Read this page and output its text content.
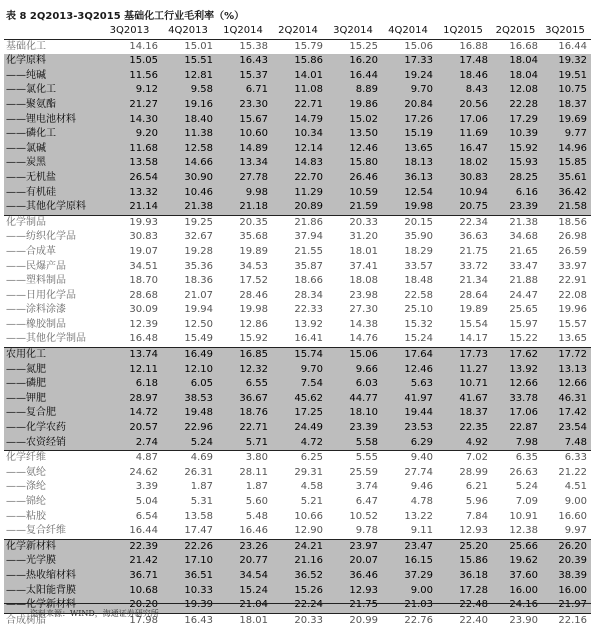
表 8 2Q2013-3Q2015 基础化工行业毛利率（%）
	3Q2013	4Q2013	1Q2014	2Q2014	3Q2014	4Q2014	1Q2015	2Q2015	3Q2015
基础化工	14.16	15.01	15.38	15.79	15.25	15.06	16.88	16.68	16.44
化学原料	15.05	15.51	16.43	15.86	16.20	17.33	17.48	18.04	19.32
——纯碱	11.56	12.81	15.37	14.01	16.44	19.24	18.46	18.04	19.51
——氯化工	9.12	9.58	6.71	11.08	8.89	9.70	8.43	12.08	10.75
——聚氨酯	21.27	19.16	23.30	22.71	19.86	20.84	20.56	22.28	18.37
——锂电池材料	14.30	18.40	15.67	14.79	15.02	17.26	17.06	17.29	19.69
——磷化工	9.20	11.38	10.60	10.34	13.50	15.19	11.69	10.39	9.77
——氯碱	11.68	12.58	14.89	12.14	12.46	13.65	16.47	15.92	14.96
——炭黑	13.58	14.66	13.34	14.83	15.80	18.13	18.02	15.93	15.85
——无机盐	26.54	30.90	27.78	22.70	26.46	36.13	30.83	28.25	35.61
——有机硅	13.32	10.46	9.98	11.29	10.59	12.54	10.94	6.16	36.42
——其他化学原料	21.14	21.38	21.18	20.89	21.59	19.98	20.75	23.39	21.58
化学制品	19.93	19.25	20.35	21.86	20.33	20.15	22.34	21.38	18.56
——纺织化学品	30.83	32.67	35.68	37.94	31.20	35.90	36.63	34.68	26.98
——合成革	19.07	19.28	19.89	21.55	18.01	18.29	21.75	21.65	26.59
——民爆产品	34.51	35.36	34.53	35.87	37.41	33.57	33.72	33.47	33.97
——塑料制品	18.70	18.36	17.52	18.66	18.08	18.48	21.34	21.88	22.91
——日用化学品	28.68	21.07	28.46	28.34	23.98	22.58	28.64	24.47	22.08
——涂料涂漆	30.09	19.94	19.98	22.33	27.30	25.10	19.89	25.65	19.96
——橡胶制品	12.39	12.50	12.86	13.92	14.38	15.32	15.54	15.97	15.57
——其他化学制品	16.48	15.49	15.92	16.41	14.76	15.24	14.17	15.22	13.65
农用化工	13.74	16.49	16.85	15.74	15.06	17.64	17.73	17.62	17.72
——氮肥	12.11	12.10	12.32	9.70	9.66	12.46	11.27	13.92	13.13
——磷肥	6.18	6.05	6.55	7.54	6.03	5.63	10.71	12.66	12.66
——钾肥	28.97	38.53	36.67	45.62	44.77	41.97	41.67	33.78	46.31
——复合肥	14.72	19.48	18.76	17.25	18.10	19.44	18.37	17.06	17.42
——化学农药	20.57	22.96	22.71	24.49	23.39	23.53	22.35	22.87	23.54
——农资经销	2.74	5.24	5.71	4.72	5.58	6.29	4.92	7.98	7.48
化学纤维	4.87	4.69	3.80	6.25	5.55	9.40	7.02	6.35	6.33
——氨纶	24.62	26.31	28.11	29.31	25.59	27.74	28.99	26.63	21.22
——涤纶	3.39	1.87	1.87	4.58	3.74	9.46	6.21	5.24	4.51
——锦纶	5.04	5.31	5.60	5.21	6.47	4.78	5.96	7.09	9.00
——粘胶	6.54	13.58	5.48	10.66	10.52	13.22	7.84	10.91	16.60
——复合纤维	16.44	17.47	16.46	12.90	9.78	9.11	12.93	12.38	9.97
化学新材料	22.39	22.26	23.26	24.21	23.97	23.47	25.20	25.66	26.20
——光学膜	21.42	17.10	20.77	21.16	20.07	16.15	15.86	19.62	20.39
——热收缩材料	36.71	36.51	34.54	36.52	36.46	37.29	36.18	37.60	38.39
——太阳能背膜	10.68	10.33	15.24	15.26	12.93	9.00	17.28	16.00	16.00
——化学新材料	20.20	19.39	21.04	22.24	21.75	21.03	22.48	24.16	21.97
合成树脂	17.98	16.43	18.01	20.33	20.99	22.76	22.40	23.90	22.16
资料来源：WIND，海通证券研究所
